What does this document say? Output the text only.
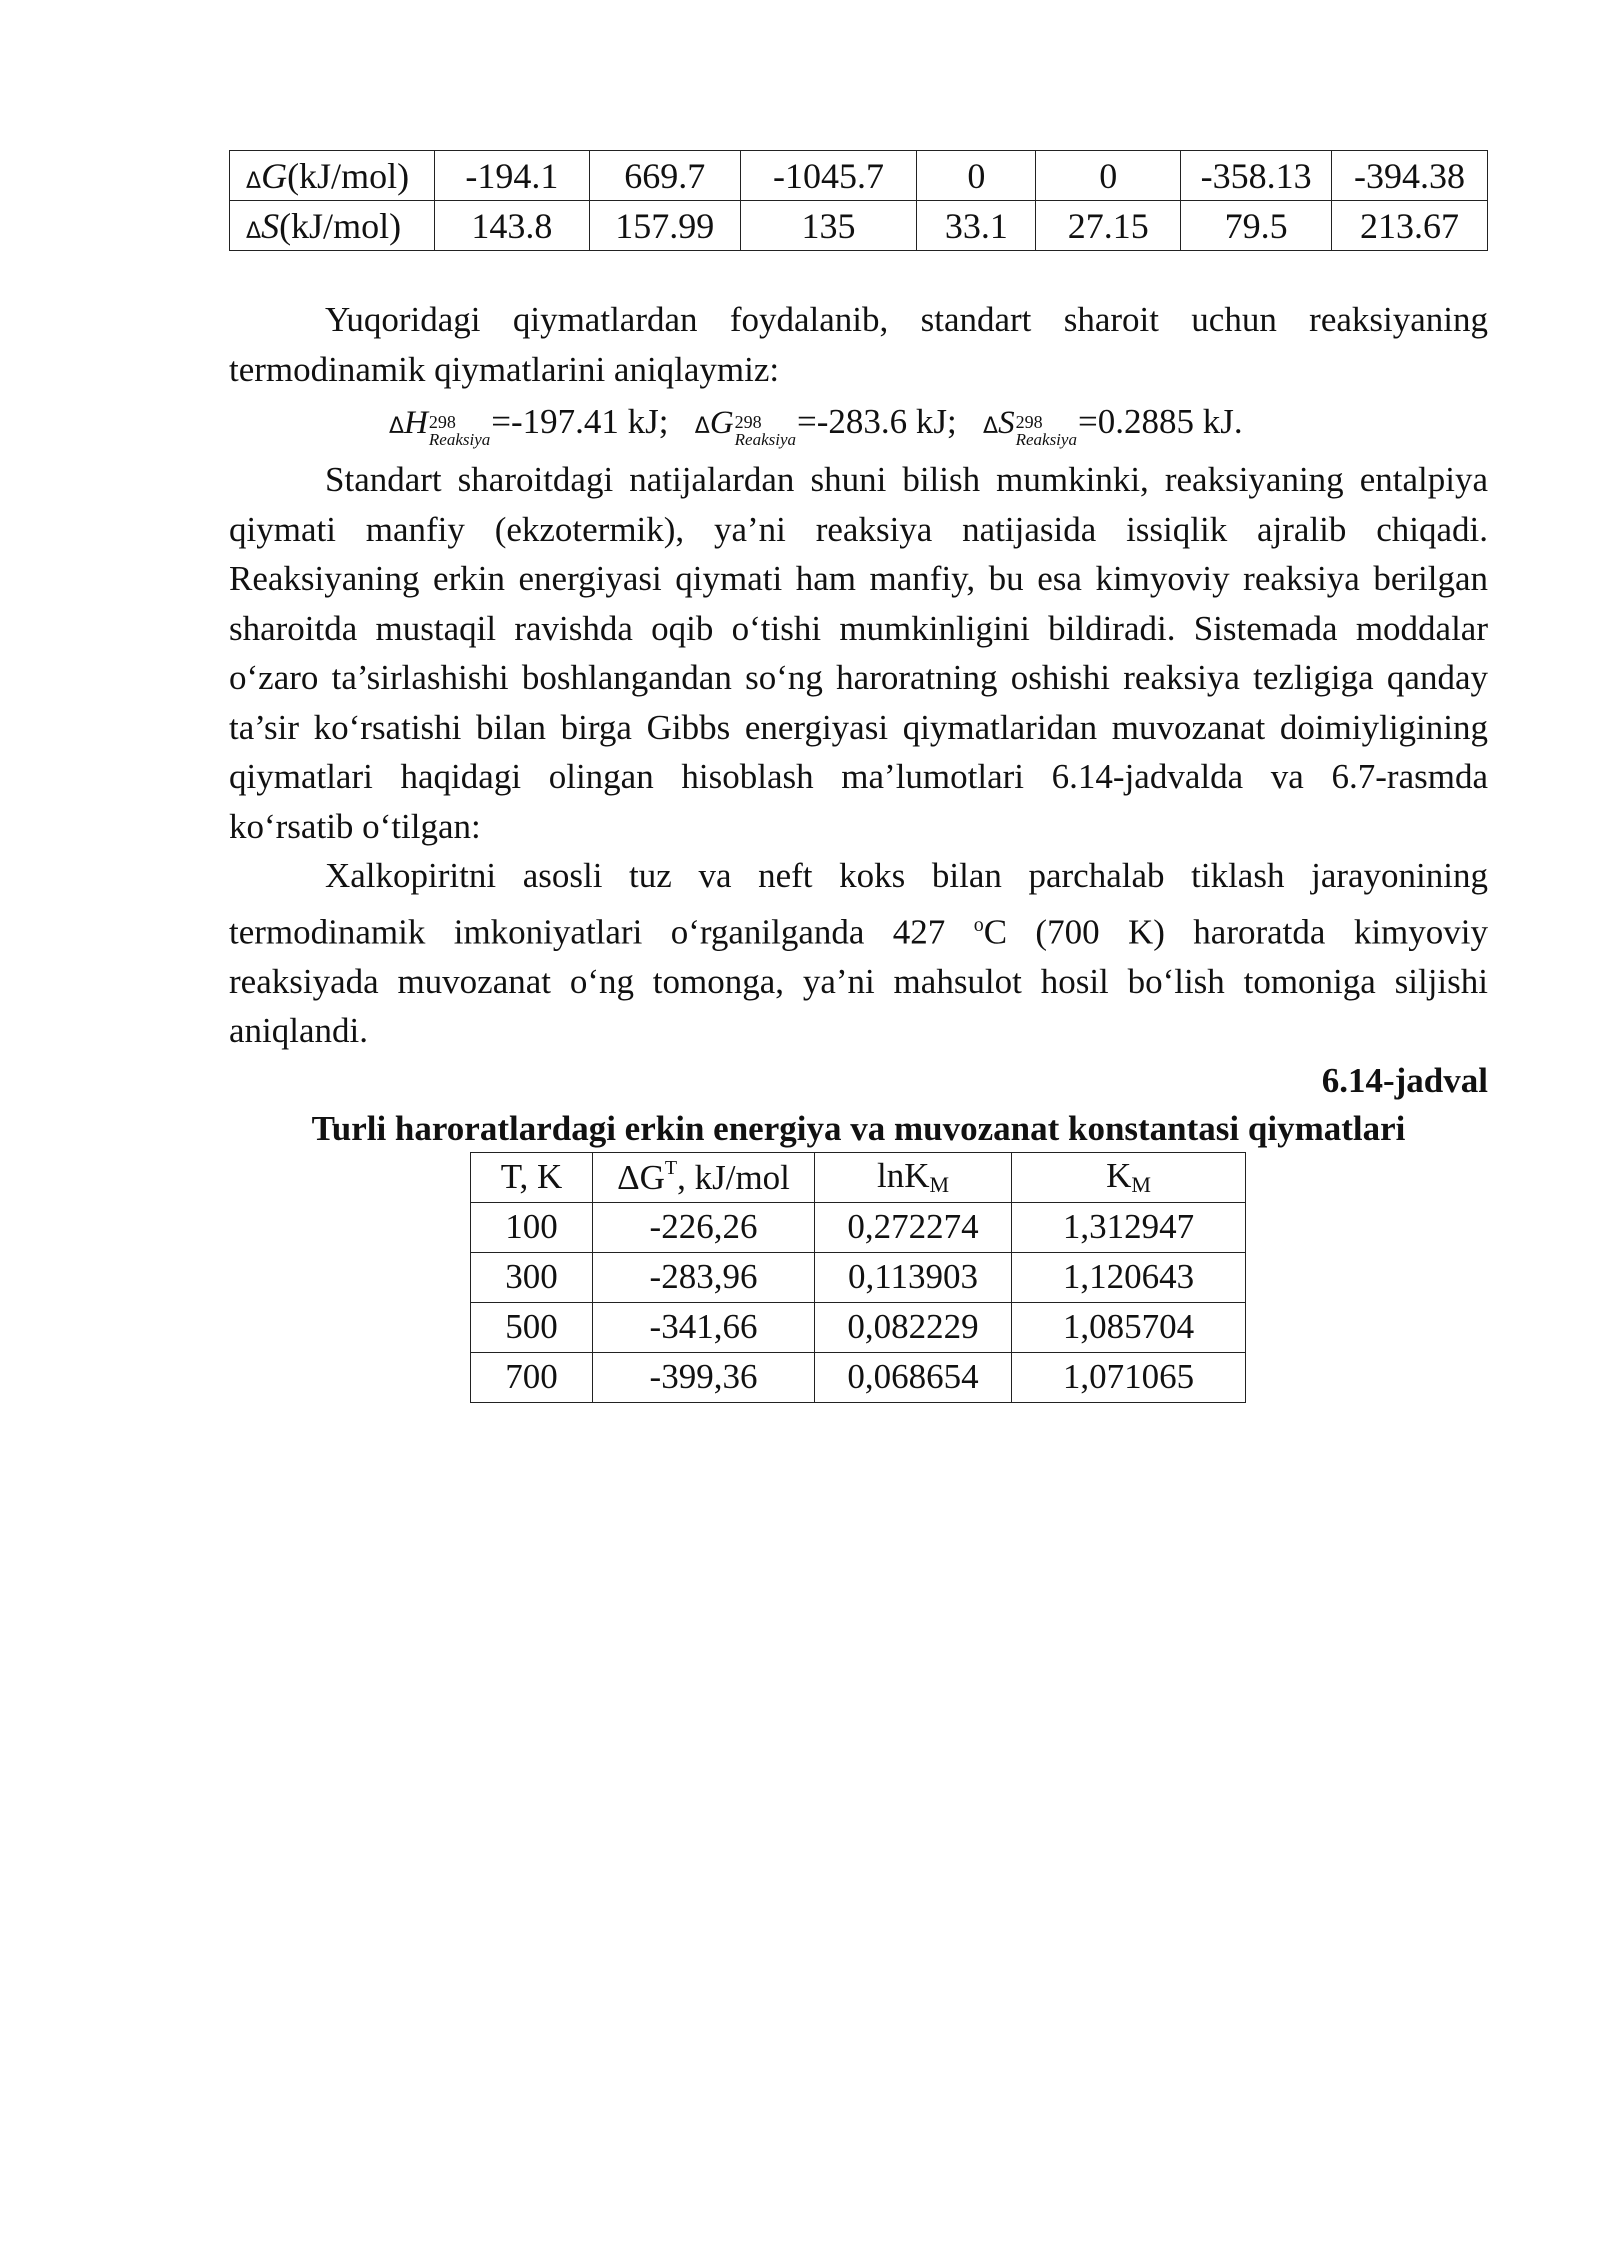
ΔG(kJ/mol)	-194.1	669.7	-1045.7	0	0	-358.13	-394.38
ΔS(kJ/mol)	143.8	157.99	135	33.1	27.15	79.5	213.67

Yuqoridagi qiymatlardan foydalanib, standart sharoit uchun reaksiyaning termodinamik qiymatlarini aniqlaymiz:

ΔH 298
Reaksiya =-197.41 kJ; ΔG 298
Reaksiya =-283.6 kJ; ΔS 298
Reaksiya =0.2885 kJ.

Standart sharoitdagi natijalardan shuni bilish mumkinki, reaksiyaning entalpiya qiymati manfiy (ekzotermik), ya’ni reaksiya natijasida issiqlik ajralib chiqadi. Reaksiyaning erkin energiyasi qiymati ham manfiy, bu esa kimyoviy reaksiya berilgan sharoitda mustaqil ravishda oqib o‘tishi mumkinligini bildiradi. Sistemada moddalar o‘zaro ta’sirlashishi boshlangandan so‘ng haroratning oshishi reaksiya tezligiga qanday ta’sir ko‘rsatishi bilan birga Gibbs energiyasi qiymatlaridan muvozanat doimiyligining qiymatlari haqidagi olingan hisoblash ma’lumotlari 6.14-jadvalda va 6.7-rasmda ko‘rsatib o‘tilgan:

Xalkopiritni asosli tuz va neft koks bilan parchalab tiklash jarayonining termodinamik imkoniyatlari o‘rganilganda 427 $^o$C (700 K) haroratda kimyoviy reaksiyada muvozanat o‘ng tomonga, ya’ni mahsulot hosil bo‘lish tomoniga siljishi aniqlandi.

6.14-jadval
Turli haroratlardagi erkin energiya va muvozanat konstantasi qiymatlari
T, K	$\Delta G^T$, kJ/mol	lnKM	KM
100	-226,26	0,272274	1,312947
300	-283,96	0,113903	1,120643
500	-341,66	0,082229	1,085704
700	-399,36	0,068654	1,071065
